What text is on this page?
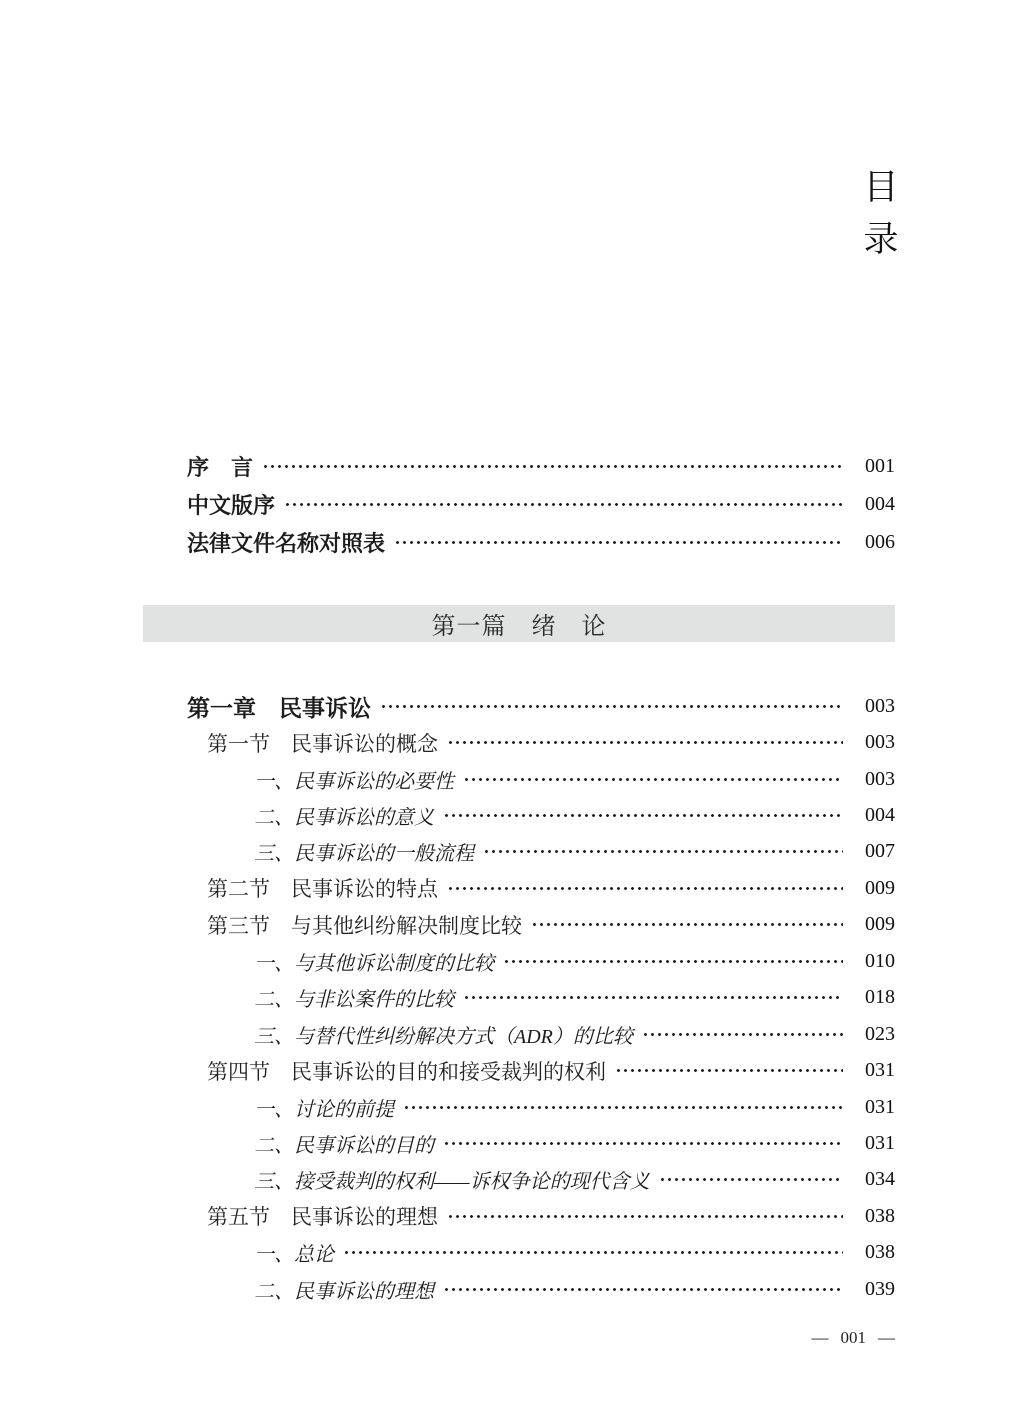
目
录
序　言	001
中文版序	004
法律文件名称对照表	006
第一篇　绪　论
第一章　民事诉讼	003
第一节　民事诉讼的概念	003
一、民事诉讼的必要性	003
二、民事诉讼的意义	004
三、民事诉讼的一般流程	007
第二节　民事诉讼的特点	009
第三节　与其他纠纷解决制度比较	009
一、与其他诉讼制度的比较	010
二、与非讼案件的比较	018
三、与替代性纠纷解决方式（ADR）的比较	023
第四节　民事诉讼的目的和接受裁判的权利	031
一、讨论的前提	031
二、民事诉讼的目的	031
三、接受裁判的权利——诉权争论的现代含义	034
第五节　民事诉讼的理想	038
一、总论	038
二、民事诉讼的理想	039
— 001 —
